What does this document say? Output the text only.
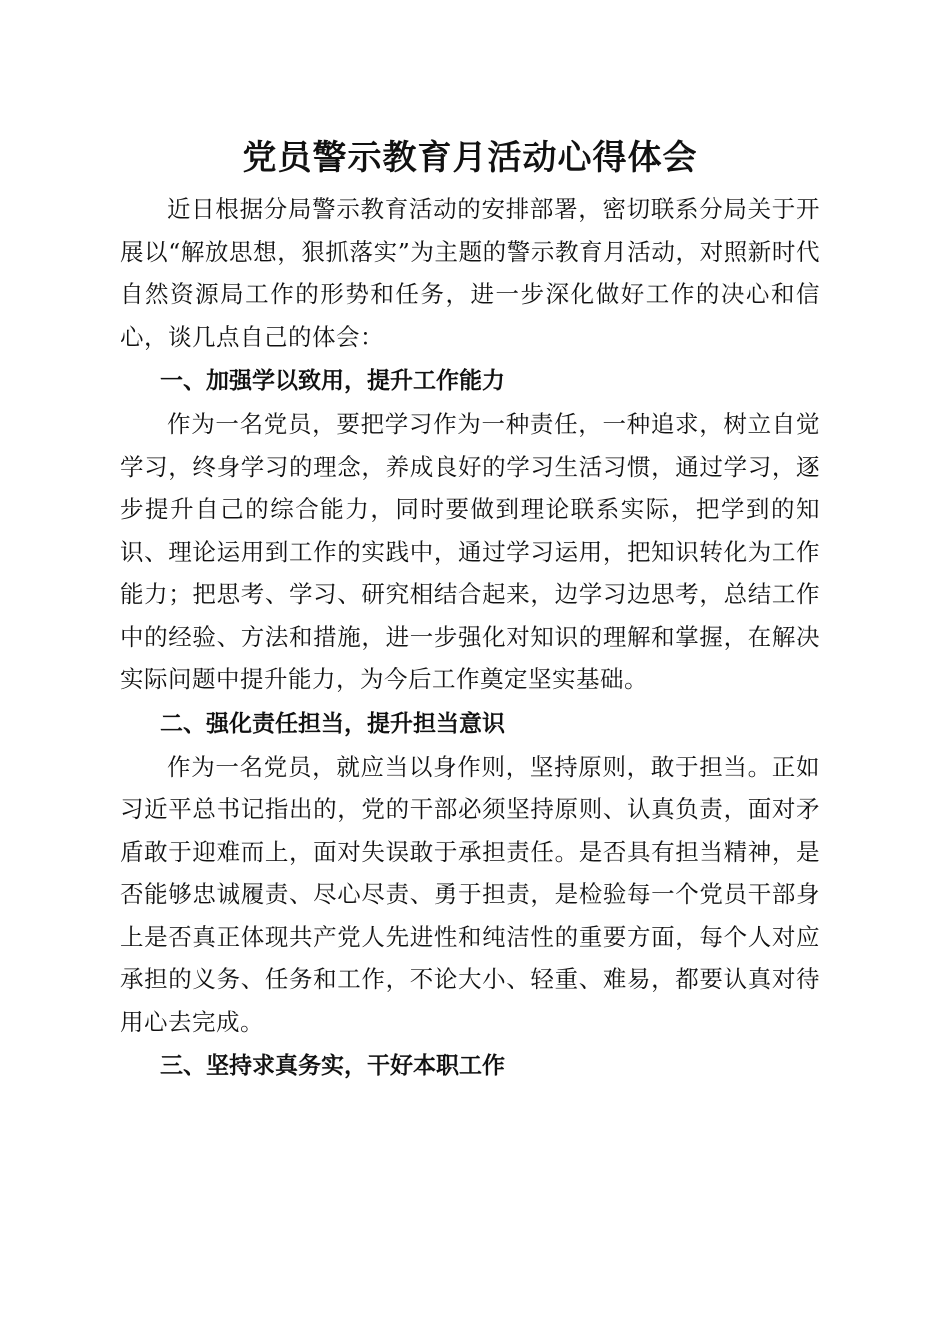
党员警示教育月活动心得体会

近日根据分局警示教育活动的安排部署，密切联系分局关于开展以“解放思想，狠抓落实”为主题的警示教育月活动，对照新时代自然资源局工作的形势和任务，进一步深化做好工作的决心和信心，谈几点自己的体会：

一、加强学以致用，提升工作能力

作为一名党员，要把学习作为一种责任，一种追求，树立自觉学习，终身学习的理念，养成良好的学习生活习惯，通过学习，逐步提升自己的综合能力，同时要做到理论联系实际，把学到的知识、理论运用到工作的实践中，通过学习运用，把知识转化为工作能力；把思考、学习、研究相结合起来，边学习边思考，总结工作中的经验、方法和措施，进一步强化对知识的理解和掌握，在解决实际问题中提升能力，为今后工作奠定坚实基础。

二、强化责任担当，提升担当意识

作为一名党员，就应当以身作则，坚持原则，敢于担当。正如习近平总书记指出的，党的干部必须坚持原则、认真负责，面对矛盾敢于迎难而上，面对失误敢于承担责任。是否具有担当精神，是否能够忠诚履责、尽心尽责、勇于担责，是检验每一个党员干部身上是否真正体现共产党人先进性和纯洁性的重要方面，每个人对应承担的义务、任务和工作，不论大小、轻重、难易，都要认真对待用心去完成。

三、坚持求真务实，干好本职工作
